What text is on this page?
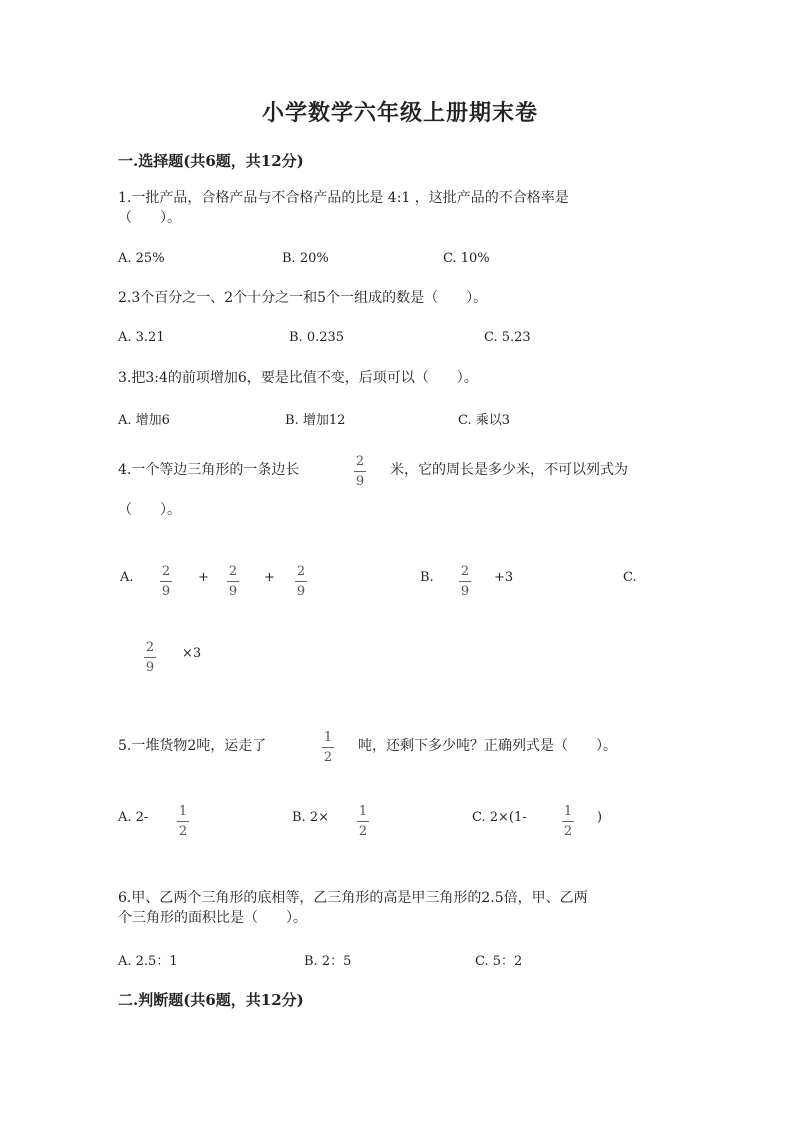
小学数学六年级上册期末卷
一.选择题(共6题，共12分)
1.一批产品，合格产品与不合格产品的比是 4:1 ，这批产品的不合格率是
（　　）。
A. 25%	B. 20%	C. 10%
2.3个百分之一、2个十分之一和5个一组成的数是（　　）。
A. 3.21	B. 0.235	C. 5.23
3.把3:4的前项增加6，要是比值不变，后项可以（　　）。
A. 增加6	B. 增加12	C. 乘以3
4.一个等边三角形的一条边长
2
9
米，它的周长是多少米，不可以列式为
（　　）。
A. 2
9
+ 2
9
+ 2
9
B. 2
9
+3	C.
2
9
×3
5.一堆货物2吨，运走了
1
2
吨，还剩下多少吨？正确列式是（　　）。
A. 2- 1
2
B. 2× 1
2
C. 2×(1-	1
2
)
6.甲、乙两个三角形的底相等，乙三角形的高是甲三角形的2.5倍，甲、乙两
个三角形的面积比是（　　）。
A. 2.5：1	B. 2：5	C. 5：2
二.判断题(共6题，共12分)
